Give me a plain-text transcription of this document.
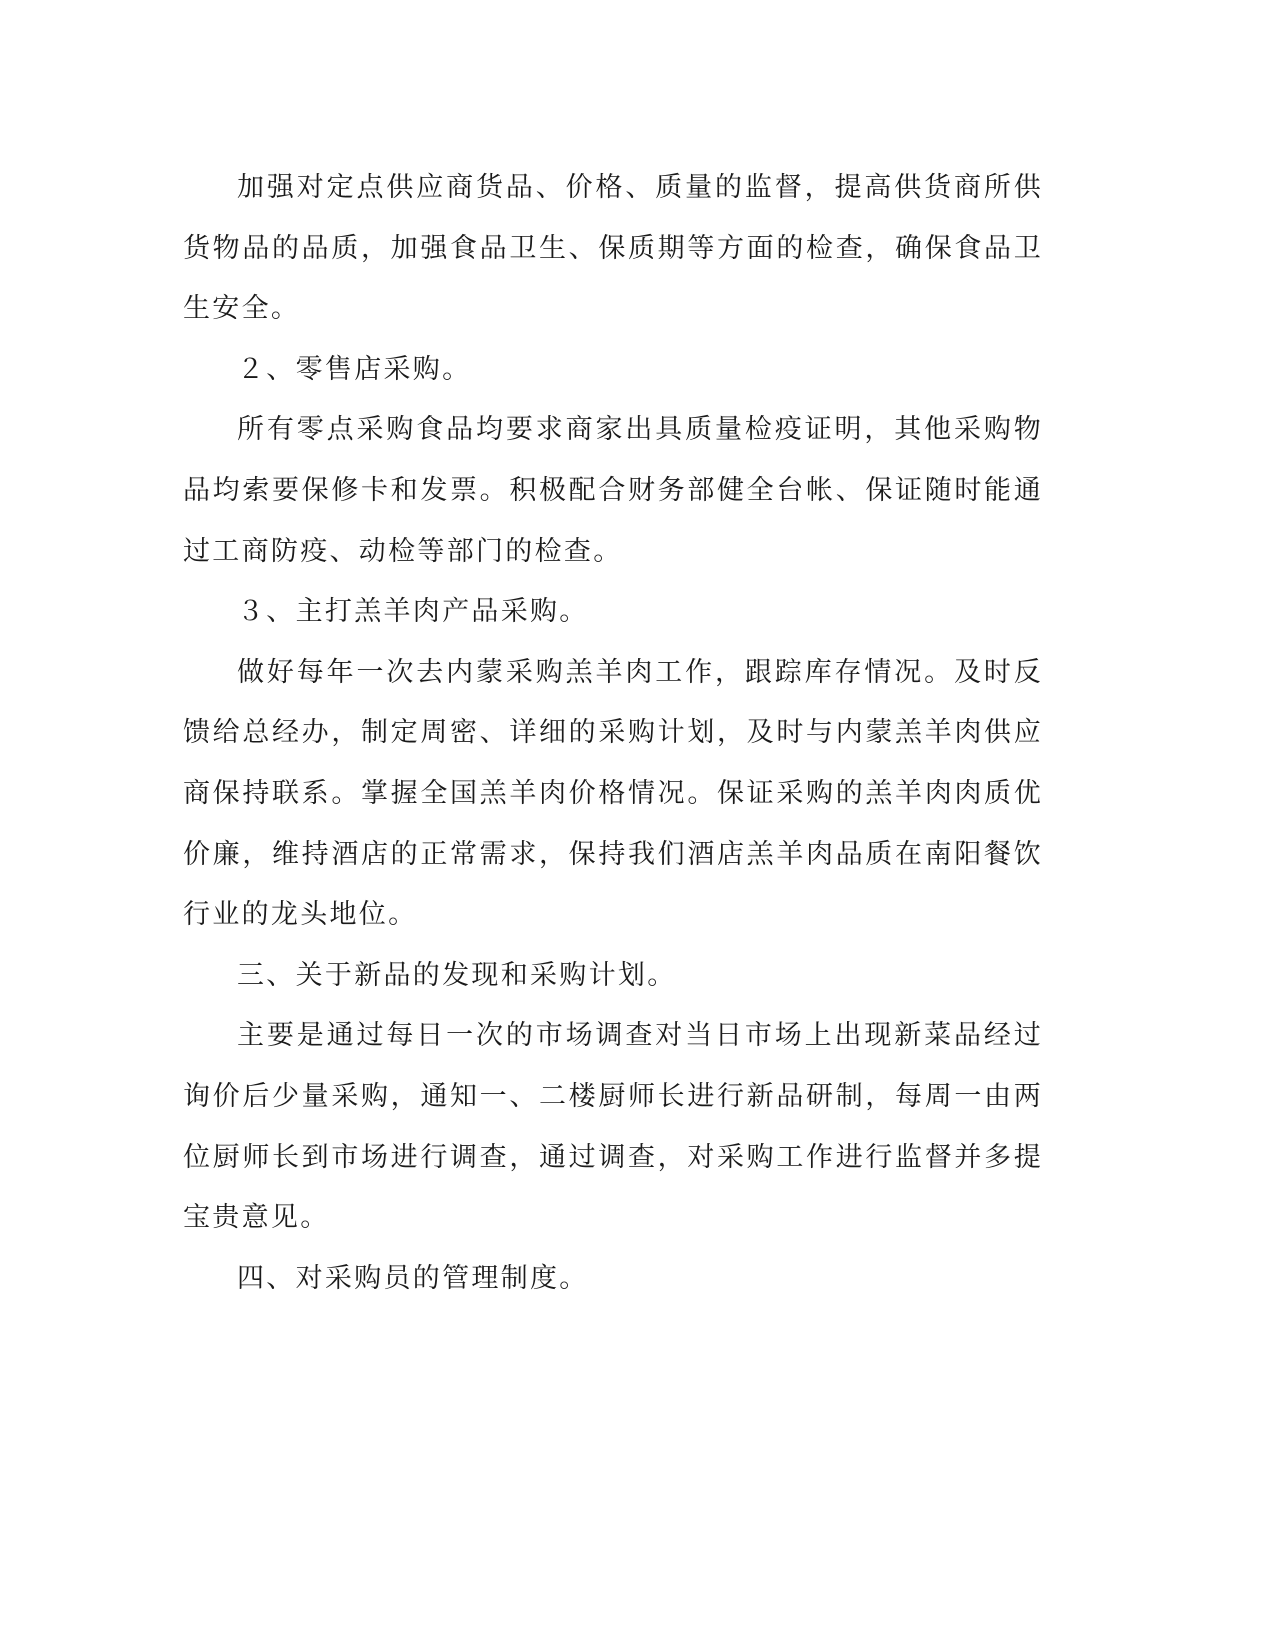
加强对定点供应商货品、价格、质量的监督，提高供货商所供货物品的品质，加强食品卫生、保质期等方面的检查，确保食品卫生安全。

２、零售店采购。

所有零点采购食品均要求商家出具质量检疫证明，其他采购物品均索要保修卡和发票。积极配合财务部健全台帐、保证随时能通过工商防疫、动检等部门的检查。

３、主打羔羊肉产品采购。

做好每年一次去内蒙采购羔羊肉工作，跟踪库存情况。及时反馈给总经办，制定周密、详细的采购计划，及时与内蒙羔羊肉供应商保持联系。掌握全国羔羊肉价格情况。保证采购的羔羊肉肉质优价廉，维持酒店的正常需求，保持我们酒店羔羊肉品质在南阳餐饮行业的龙头地位。

三、关于新品的发现和采购计划。

主要是通过每日一次的市场调查对当日市场上出现新菜品经过询价后少量采购，通知一、二楼厨师长进行新品研制，每周一由两位厨师长到市场进行调查，通过调查，对采购工作进行监督并多提宝贵意见。

四、对采购员的管理制度。
